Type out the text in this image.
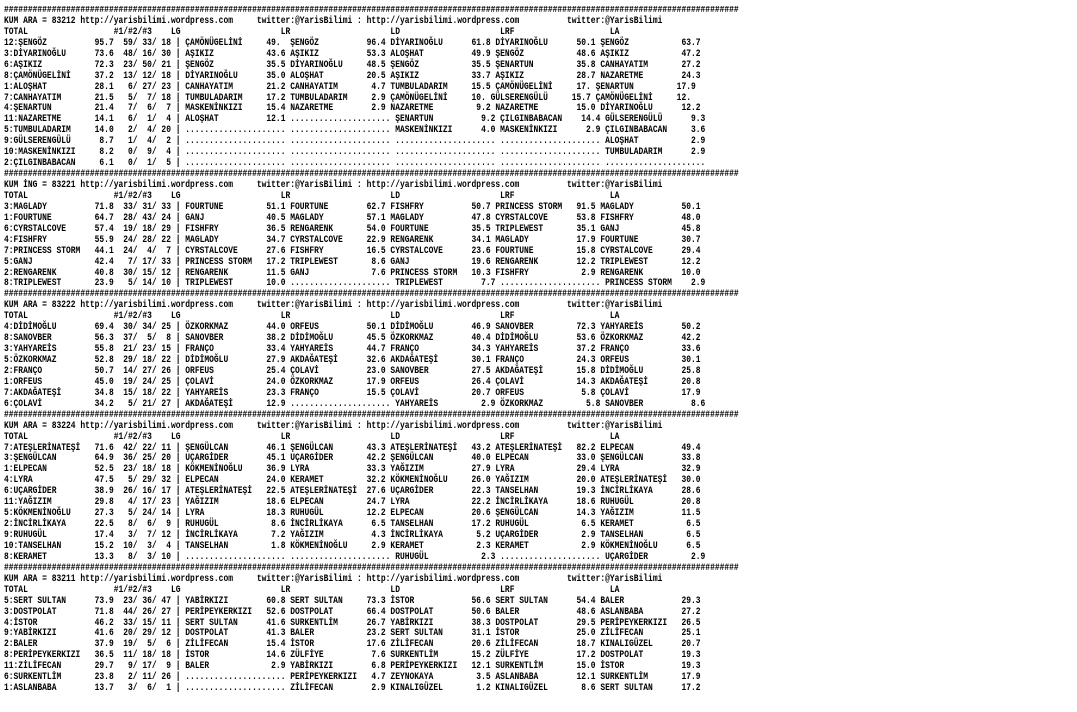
##########################################################################################################################################################
KUM ARA = 83212 http://yarisbilimi.wordpress.com     twitter:@YarisBilimi : http://yarisbilimi.wordpress.com          twitter:@YarisBilimi
TOTAL                  #1/#2/#3    LG                     LR                     LD                     LRF                    LA
12:ŞENGÖZ          95.7  59/ 33/ 18 | ÇAMÖNÜGELİNİ     49.  ŞENGÖZ          96.4 DİYARINOĞLU      61.8 DİYARINOĞLU      50.1 ŞENGÖZ           63.7
3:DİYARINOĞLU      73.6  48/ 16/ 30 | AŞIKIZ           43.6 AŞIKIZ          53.3 ALOŞHAT          49.9 ŞENGÖZ           48.6 AŞIKIZ           47.2
6:AŞIKIZ           72.3  23/ 50/ 21 | ŞENGÖZ           35.5 DİYARINOĞLU     48.5 ŞENGÖZ           35.5 ŞENARTUN         35.8 CANHAYATIM       27.2
8:ÇAMÖNÜGELİNİ     37.2  13/ 12/ 18 | DİYARINOĞLU      35.0 ALOŞHAT         20.5 AŞIKIZ           33.7 AŞIKIZ           28.7 NAZARETME        24.3
1:ALOŞHAT          28.1   6/ 27/ 23 | CANHAYATIM       21.2 CANHAYATIM       4.7 TUMBULADARIM     15.5 ÇAMÖNÜGELİNİ     17. ŞENARTUN         17.9
7:CANHAYATIM       21.5   5/  7/ 18 | TUMBULADARIM     17.2 TUMBULADARIM     2.9 ÇAMÖNÜGELİNİ     10. GÜLSERENGÜLÜ     15.7 ÇAMÖNÜGELİNİ     12.
4:ŞENARTUN         21.4   7/  6/  7 | MASKENİNKIZI     15.4 NAZARETME        2.9 NAZARETME         9.2 NAZARETME        15.0 DİYARINOĞLU      12.2
11:NAZARETME       14.1   6/  1/  4 | ALOŞHAT          12.1 ..................... ŞENARTUN          9.2 ÇILGINBABACAN    14.4 GÜLSERENGÜLÜ      9.3
5:TUMBULADARIM     14.0   2/  4/ 20 | ..................... ..................... MASKENİNKIZI      4.0 MASKENİNKIZI      2.9 ÇILGINBABACAN     3.6
9:GÜLSERENGÜLÜ      8.7   1/  4/  2 | ..................... ..................... ..................... ..................... ALOŞHAT           2.9
10:MASKENİNKIZI     8.2   0/  9/  4 | ..................... ..................... ..................... ..................... TUMBULADARIM      2.9
2:ÇILGINBABACAN     6.1   0/  1/  5 | ..................... ..................... ..................... ..................... .....................
##########################################################################################################################################################
KUM İNG = 83221 http://yarisbilimi.wordpress.com     twitter:@YarisBilimi : http://yarisbilimi.wordpress.com          twitter:@YarisBilimi
TOTAL                  #1/#2/#3    LG                     LR                     LD                     LRF                    LA
3:MAGLADY          71.8  33/ 31/ 33 | FOURTUNE         51.1 FOURTUNE        62.7 FISHFRY          50.7 PRINCESS STORM   91.5 MAGLADY          50.1
1:FOURTUNE         64.7  28/ 43/ 24 | GANJ             40.5 MAGLADY         57.1 MAGLADY          47.8 CYRSTALCOVE      53.8 FISHFRY          48.0
6:CYRSTALCOVE      57.4  19/ 18/ 29 | FISHFRY          36.5 RENGARENK       54.0 FOURTUNE         35.5 TRIPLEWEST       35.1 GANJ             45.8
4:FISHFRY          55.9  24/ 28/ 22 | MAGLADY          34.7 CYRSTALCOVE     22.9 RENGARENK        34.1 MAGLADY          17.9 FOURTUNE         30.7
7:PRINCESS STORM   44.1  24/  4/  7 | CYRSTALCOVE      27.6 FISHFRY         16.5 CYRSTALCOVE      23.6 FOURTUNE         15.8 CYRSTALCOVE      29.4
5:GANJ             42.4   7/ 17/ 33 | PRINCESS STORM   17.2 TRIPLEWEST       8.6 GANJ             19.6 RENGARENK        12.2 TRIPLEWEST       12.2
2:RENGARENK        40.8  30/ 15/ 12 | RENGARENK        11.5 GANJ             7.6 PRINCESS STORM   10.3 FISHFRY           2.9 RENGARENK        10.0
8:TRIPLEWEST       23.9   5/ 14/ 10 | TRIPLEWEST       10.0 ..................... TRIPLEWEST        7.7 ..................... PRINCESS STORM    2.9
##########################################################################################################################################################
KUM ARA = 83222 http://yarisbilimi.wordpress.com     twitter:@YarisBilimi : http://yarisbilimi.wordpress.com          twitter:@YarisBilimi
TOTAL                  #1/#2/#3    LG                     LR                     LD                     LRF                    LA
4:DİDİMOĞLU        69.4  30/ 34/ 25 | ÖZKORKMAZ        44.0 ORFEUS          50.1 DİDİMOĞLU        46.9 SANOVBER         72.3 YAHYAREİS        50.2
8:SANOVBER         56.3  37/  5/  8 | SANOVBER         38.2 DİDİMOĞLU       45.5 ÖZKORKMAZ        40.4 DİDİMOĞLU        53.6 ÖZKORKMAZ        42.2
3:YAHYAREİS        55.8  21/ 23/ 15 | FRANÇO           33.4 YAHYAREİS       44.7 FRANÇO           34.3 YAHYAREİS        37.2 FRANÇO           33.6
5:ÖZKORKMAZ        52.8  29/ 18/ 22 | DİDİMOĞLU        27.9 AKDAĞATEŞİ      32.6 AKDAĞATEŞİ       30.1 FRANÇO           24.3 ORFEUS           30.1
2:FRANÇO           50.7  14/ 27/ 26 | ORFEUS           25.4 ÇOLAVİ          23.0 SANOVBER         27.5 AKDAĞATEŞİ       15.8 DİDİMOĞLU        25.8
1:ORFEUS           45.0  19/ 24/ 25 | ÇOLAVİ           24.0 ÖZKORKMAZ       17.9 ORFEUS           26.4 ÇOLAVİ           14.3 AKDAĞATEŞİ       20.8
7:AKDAĞATEŞİ       34.8  15/ 18/ 22 | YAHYAREİS        23.3 FRANÇO          15.5 ÇOLAVİ           20.7 ORFEUS            5.8 ÇOLAVİ           17.9
6:ÇOLAVİ           34.2   5/ 21/ 27 | AKDAĞATEŞİ       12.9 ..................... YAHYAREİS         2.9 ÖZKORKMAZ         5.8 SANOVBER          8.6
##########################################################################################################################################################
KUM ARA = 83224 http://yarisbilimi.wordpress.com     twitter:@YarisBilimi : http://yarisbilimi.wordpress.com          twitter:@YarisBilimi
TOTAL                  #1/#2/#3    LG                     LR                     LD                     LRF                    LA
7:ATEŞLERİNATEŞİ   71.6  42/ 22/ 11 | ŞENGÜLCAN        46.1 ŞENGÜLCAN       43.3 ATEŞLERİNATEŞİ   43.2 ATEŞLERİNATEŞİ   82.2 ELPECAN          49.4
3:ŞENGÜLCAN        64.9  36/ 25/ 20 | UÇARGİDER        45.1 UÇARGİDER       42.2 ŞENGÜLCAN        40.0 ELPECAN          33.0 ŞENGÜLCAN        33.8
1:ELPECAN          52.5  23/ 18/ 18 | KÖKMENİNOĞLU     36.9 LYRA            33.3 YAĞIZIM          27.9 LYRA             29.4 LYRA             32.9
4:LYRA             47.5   5/ 29/ 32 | ELPECAN          24.0 KERAMET         32.2 KÖKMENİNOĞLU     26.0 YAĞIZIM          20.0 ATEŞLERİNATEŞİ   30.0
6:UÇARGİDER        38.9  26/ 16/ 17 | ATEŞLERİNATEŞİ   22.5 ATEŞLERİNATEŞİ  27.6 UÇARGİDER        22.3 TANSELHAN        19.3 İNCİRLİKAYA      28.6
11:YAĞIZIM         29.8   4/ 17/ 23 | YAĞIZIM          18.6 ELPECAN         24.7 LYRA             22.2 İNCİRLİKAYA      18.6 RUHUGÜL          20.8
5:KÖKMENİNOĞLU     27.3   5/ 24/ 14 | LYRA             18.3 RUHUGÜL         12.2 ELPECAN          20.6 ŞENGÜLCAN        14.3 YAĞIZIM          11.5
2:İNCİRLİKAYA      22.5   8/  6/  9 | RUHUGÜL           8.6 İNCİRLİKAYA      6.5 TANSELHAN        17.2 RUHUGÜL           6.5 KERAMET           6.5
9:RUHUGÜL          17.4   3/  7/ 12 | İNCİRLİKAYA       7.2 YAĞIZIM          4.3 İNCİRLİKAYA       5.2 UÇARGİDER         2.9 TANSELHAN         6.5
10:TANSELHAN       15.2  10/  3/  4 | TANSELHAN         1.8 KÖKMENİNOĞLU     2.9 KERAMET           2.3 KERAMET           2.9 KÖKMENİNOĞLU      6.5
8:KERAMET          13.3   8/  3/ 10 | ..................... ..................... RUHUGÜL           2.3 ..................... UÇARGİDER         2.9
##########################################################################################################################################################
KUM ARA = 83211 http://yarisbilimi.wordpress.com     twitter:@YarisBilimi : http://yarisbilimi.wordpress.com          twitter:@YarisBilimi
TOTAL                  #1/#2/#3    LG                     LR                     LD                     LRF                    LA
5:SERT SULTAN      73.9  23/ 36/ 47 | YABİRKIZI        60.8 SERT SULTAN     73.3 İSTOR            56.6 SERT SULTAN      54.4 BALER            29.3
3:DOSTPOLAT        71.8  44/ 26/ 27 | PERİPEYKERKIZI   52.6 DOSTPOLAT       66.4 DOSTPOLAT        50.6 BALER            48.6 ASLANBABA        27.2
4:İSTOR            46.2  33/ 15/ 11 | SERT SULTAN      41.6 SURKENTLİM      26.7 YABİRKIZI        38.3 DOSTPOLAT        29.5 PERİPEYKERKIZI   26.5
9:YABİRKIZI        41.6  20/ 29/ 12 | DOSTPOLAT        41.3 BALER           23.2 SERT SULTAN      31.1 İSTOR            25.0 ZİLİFECAN        25.1
2:BALER            37.9  19/  5/  6 | ZİLİFECAN        15.4 İSTOR           17.6 ZİLİFECAN        20.6 ZİLİFECAN        18.7 KINALIGÜZEL      20.7
8:PERİPEYKERKIZI   36.5  11/ 18/ 18 | İSTOR            14.6 ZÜLFİYE          7.6 SURKENTLİM       15.2 ZÜLFİYE          17.2 DOSTPOLAT        19.3
11:ZİLİFECAN       29.7   9/ 17/  9 | BALER             2.9 YABİRKIZI        6.8 PERİPEYKERKIZI   12.1 SURKENTLİM       15.0 İSTOR            19.3
6:SURKENTLİM       23.8   2/ 11/ 26 | ..................... PERİPEYKERKIZI   4.7 ZEYNOKAYA         3.5 ASLANBABA        12.1 SURKENTLİM       17.9
1:ASLANBABA        13.7   3/  6/  1 | ..................... ZİLİFECAN        2.9 KINALIGÜZEL       1.2 KINALIGÜZEL       8.6 SERT SULTAN      17.2
